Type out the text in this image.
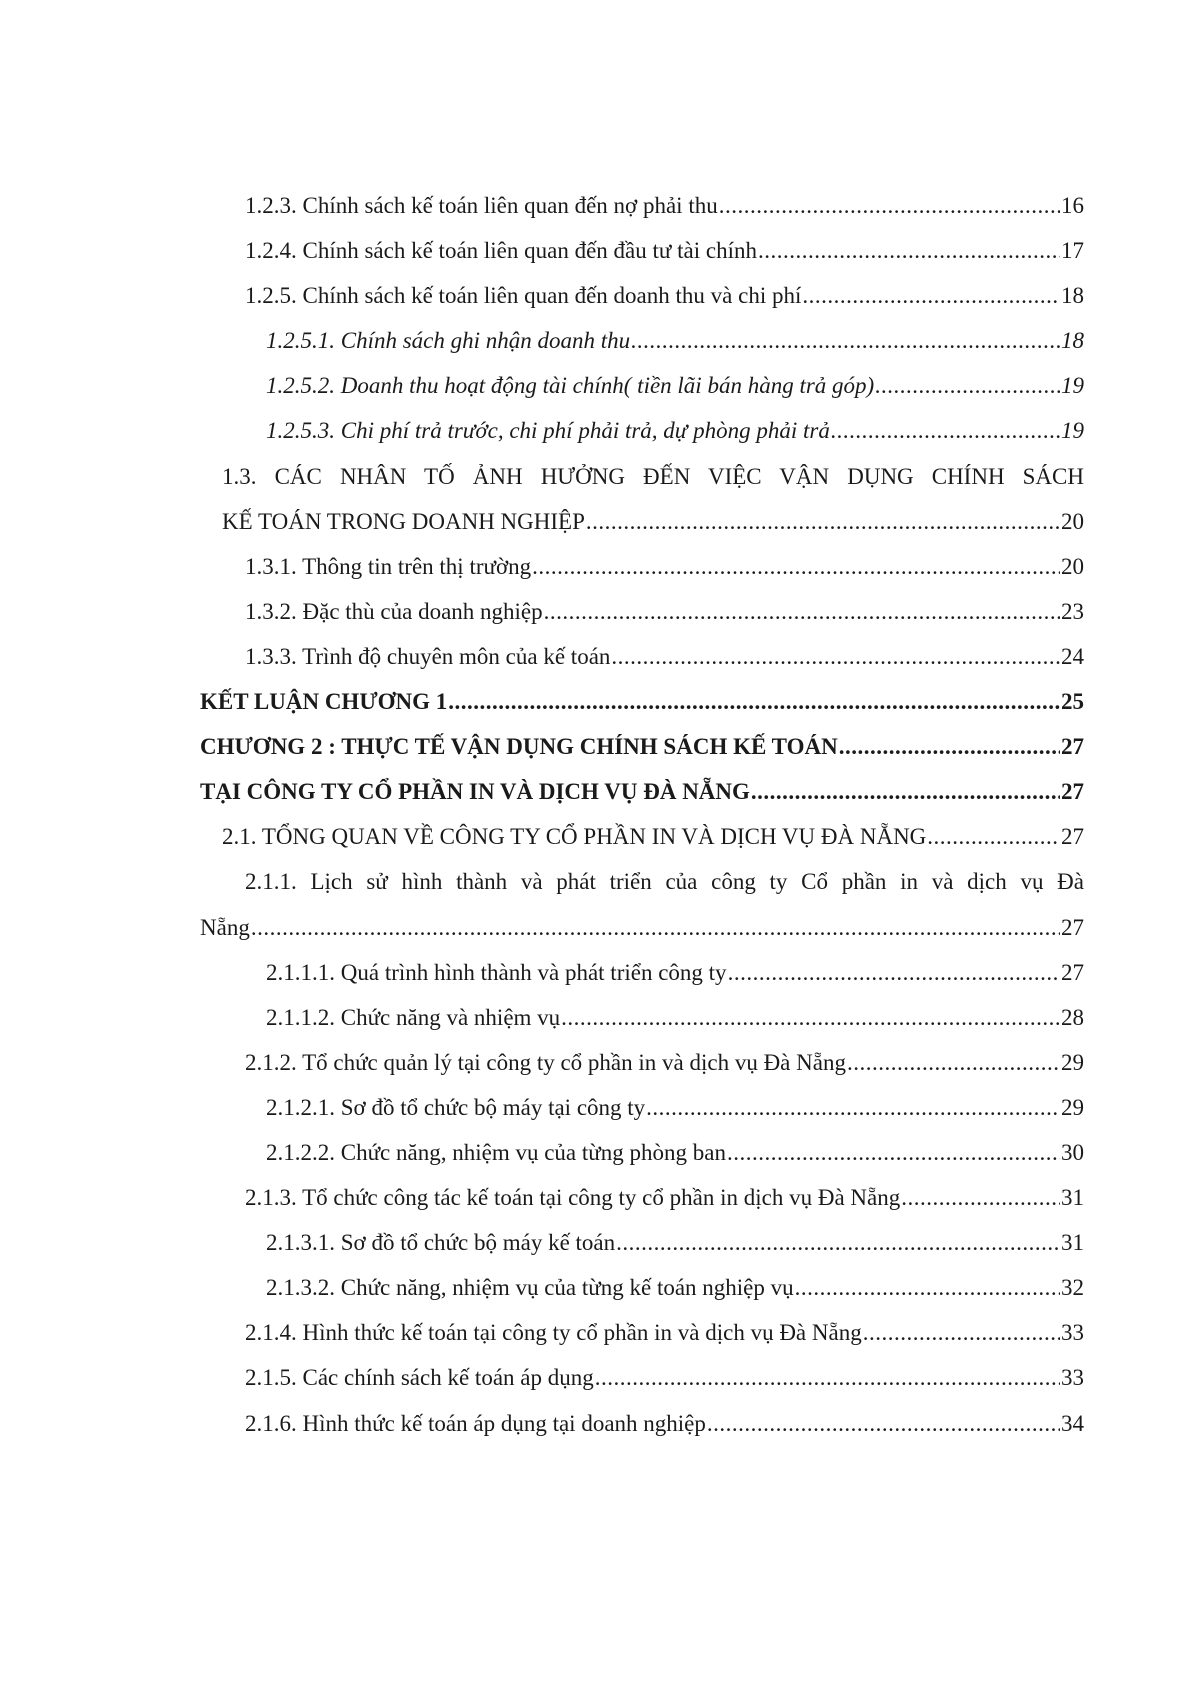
1.2.3. Chính sách kế toán liên quan đến nợ phải thu .....	16
1.2.4. Chính sách kế toán liên quan đến đầu tư tài chính .....	17
1.2.5. Chính sách kế toán liên quan đến doanh thu và chi phí .....	18
1.2.5.1. Chính sách ghi nhận doanh thu .....	18
1.2.5.2. Doanh thu hoạt động tài chính( tiền lãi bán hàng trả góp) .....	19
1.2.5.3. Chi phí trả trước, chi phí phải trả, dự phòng phải trả .....	19
1.3. CÁC NHÂN TỐ ẢNH HƯỞNG ĐẾN VIỆC VẬN DỤNG CHÍNH SÁCH
KẾ TOÁN TRONG DOANH NGHIỆP .....	20
1.3.1. Thông tin trên thị trường .....	20
1.3.2. Đặc thù của doanh nghiệp .....	23
1.3.3. Trình độ chuyên môn của kế toán .....	24
KẾT LUẬN CHƯƠNG 1 .....	25
CHƯƠNG 2 : THỰC TẾ VẬN DỤNG CHÍNH SÁCH KẾ TOÁN .....	27
TẠI CÔNG TY CỔ PHẦN IN VÀ DỊCH VỤ ĐÀ NẴNG .....	27
2.1. TỔNG QUAN VỀ CÔNG TY CỔ PHẦN IN VÀ DỊCH VỤ ĐÀ NẴNG .....	27
2.1.1. Lịch sử hình thành và phát triển của công ty Cổ phần in và dịch vụ Đà
Nẵng .....	27
2.1.1.1. Quá trình hình thành và phát triển công ty .....	27
2.1.1.2. Chức năng và nhiệm vụ .....	28
2.1.2. Tổ chức quản lý tại công ty cổ phần in và dịch vụ Đà Nẵng .....	29
2.1.2.1. Sơ đồ tổ chức bộ máy tại công ty .....	29
2.1.2.2. Chức năng, nhiệm vụ của từng phòng ban .....	30
2.1.3. Tổ chức công tác kế toán tại công ty cổ phần in dịch vụ Đà Nẵng .....	31
2.1.3.1. Sơ đồ tổ chức bộ máy kế toán .....	31
2.1.3.2. Chức năng, nhiệm vụ của từng kế toán nghiệp vụ .....	32
2.1.4. Hình thức kế toán tại công ty cổ phần in và dịch vụ Đà Nẵng .....	33
2.1.5. Các chính sách kế toán áp dụng .....	33
2.1.6. Hình thức kế toán áp dụng tại doanh nghiệp .....	34
